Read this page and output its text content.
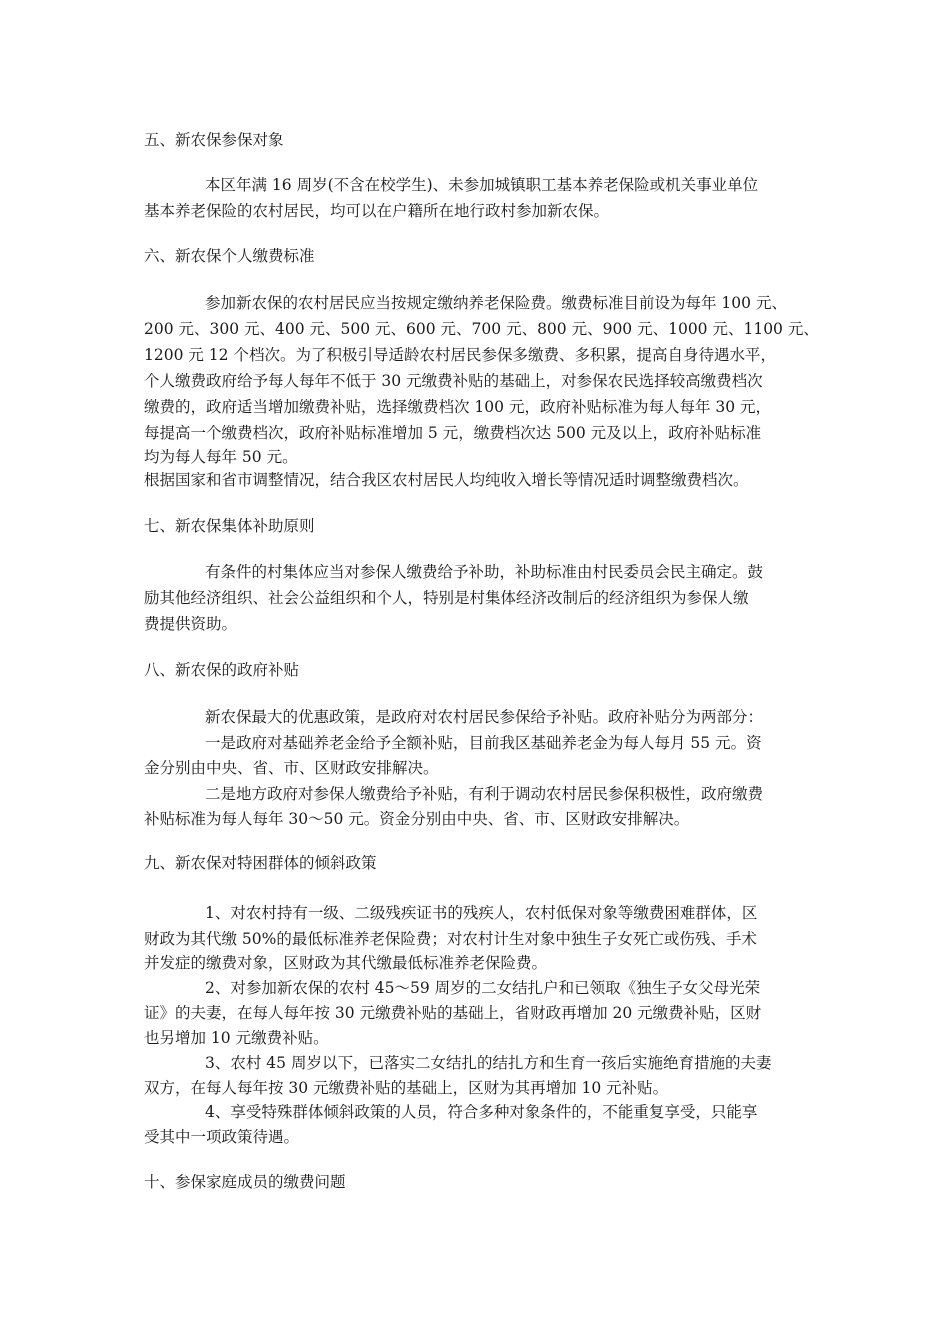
五、新农保参保对象
本区年满 16 周岁(不含在校学生)、未参加城镇职工基本养老保险或机关事业单位
基本养老保险的农村居民，均可以在户籍所在地行政村参加新农保。
六、新农保个人缴费标准
参加新农保的农村居民应当按规定缴纳养老保险费。缴费标准目前设为每年 100 元、
200 元、300 元、400 元、500 元、600 元、700 元、800 元、900 元、1000 元、1100 元、
1200 元 12 个档次。为了积极引导适龄农村居民参保多缴费、多积累，提高自身待遇水平，
个人缴费政府给予每人每年不低于 30 元缴费补贴的基础上，对参保农民选择较高缴费档次
缴费的，政府适当增加缴费补贴，选择缴费档次 100 元，政府补贴标准为每人每年 30 元，
每提高一个缴费档次，政府补贴标准增加 5 元，缴费档次达 500 元及以上，政府补贴标准
均为每人每年 50 元。
根据国家和省市调整情况，结合我区农村居民人均纯收入增长等情况适时调整缴费档次。
七、新农保集体补助原则
有条件的村集体应当对参保人缴费给予补助，补助标准由村民委员会民主确定。鼓
励其他经济组织、社会公益组织和个人，特别是村集体经济改制后的经济组织为参保人缴
费提供资助。
八、新农保的政府补贴
新农保最大的优惠政策，是政府对农村居民参保给予补贴。政府补贴分为两部分：
一是政府对基础养老金给予全额补贴，目前我区基础养老金为每人每月 55 元。资
金分别由中央、省、市、区财政安排解决。
二是地方政府对参保人缴费给予补贴，有利于调动农村居民参保积极性，政府缴费
补贴标准为每人每年 30～50 元。资金分别由中央、省、市、区财政安排解决。
九、新农保对特困群体的倾斜政策
1、对农村持有一级、二级残疾证书的残疾人，农村低保对象等缴费困难群体，区
财政为其代缴 50%的最低标准养老保险费；对农村计生对象中独生子女死亡或伤残、手术
并发症的缴费对象，区财政为其代缴最低标准养老保险费。
2、对参加新农保的农村 45～59 周岁的二女结扎户和已领取《独生子女父母光荣
证》的夫妻，在每人每年按 30 元缴费补贴的基础上，省财政再增加 20 元缴费补贴，区财
也另增加 10 元缴费补贴。
3、农村 45 周岁以下，已落实二女结扎的结扎方和生育一孩后实施绝育措施的夫妻
双方，在每人每年按 30 元缴费补贴的基础上，区财为其再增加 10 元补贴。
4、享受特殊群体倾斜政策的人员，符合多种对象条件的，不能重复享受，只能享
受其中一项政策待遇。
十、参保家庭成员的缴费问题
